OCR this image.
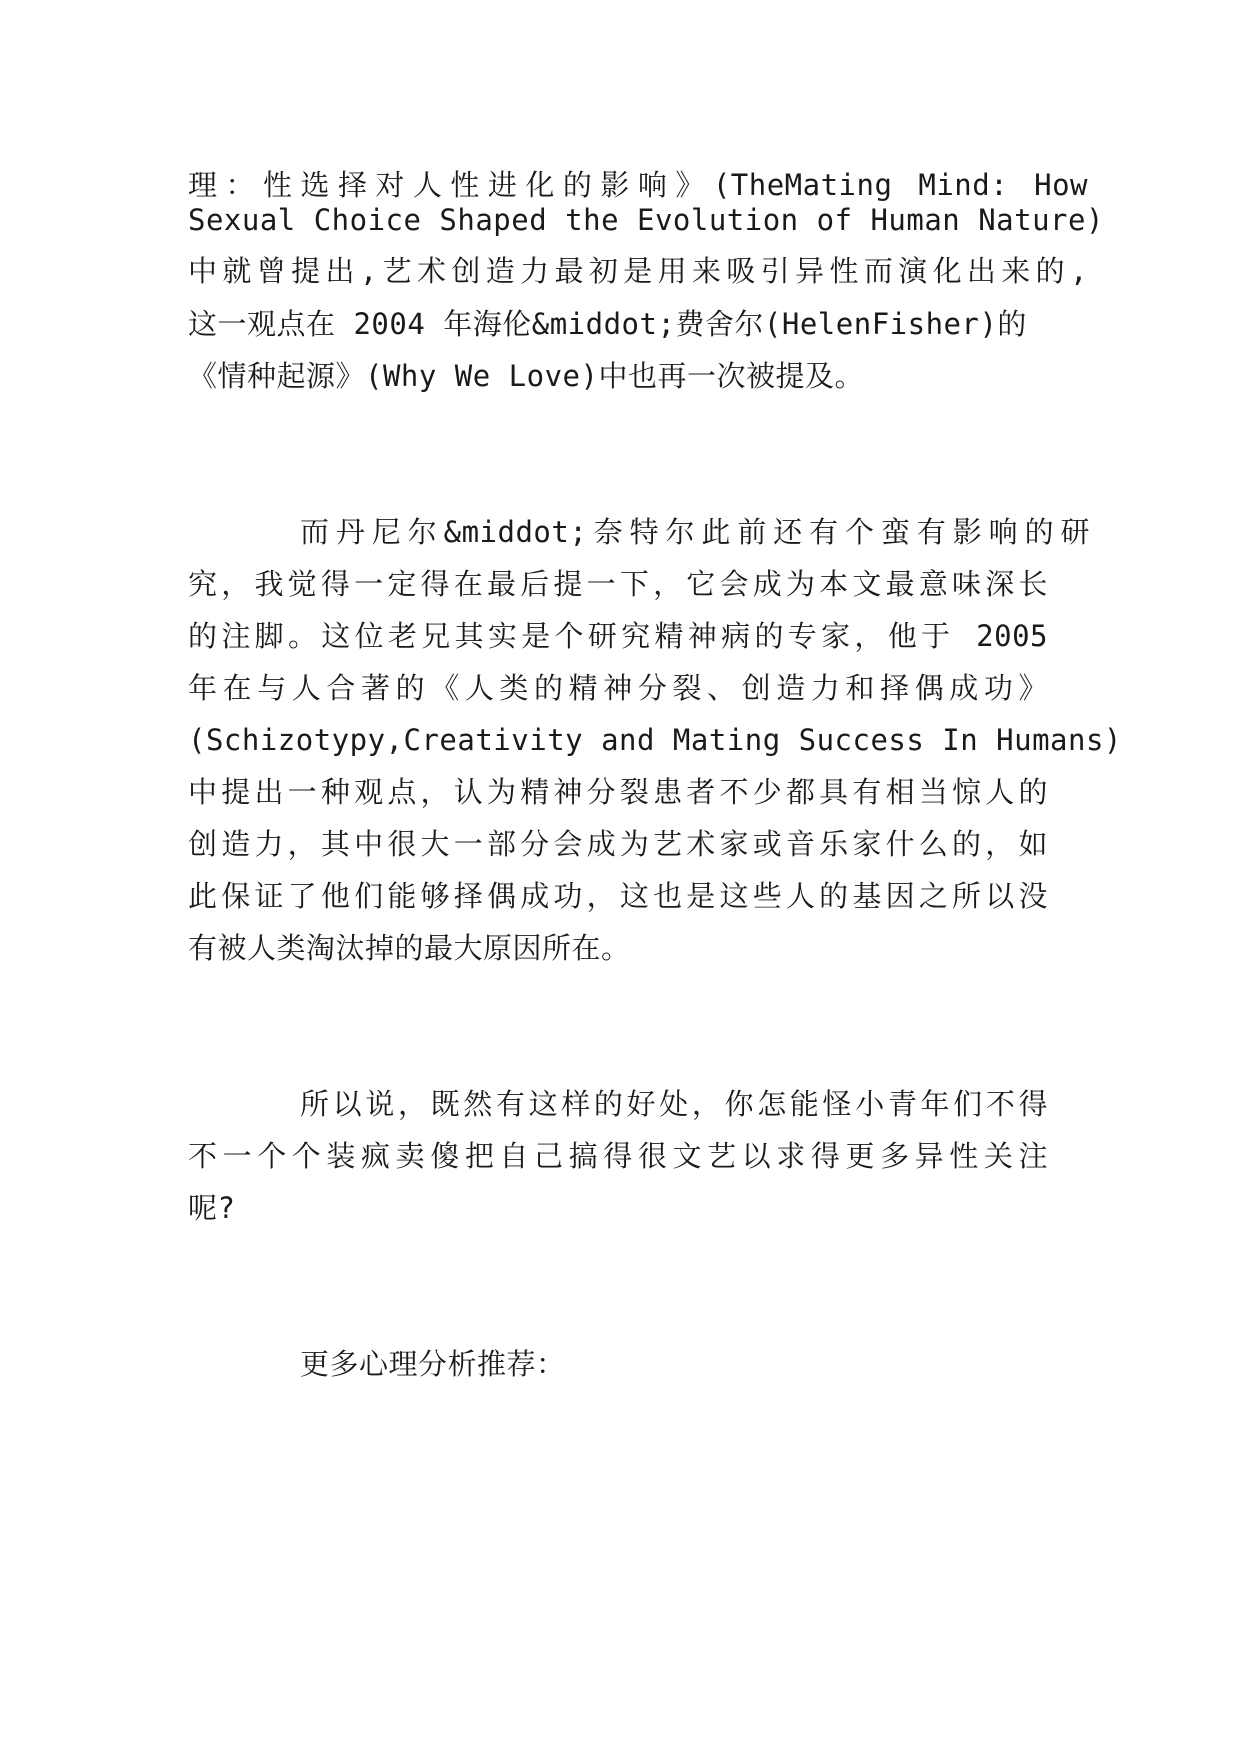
理：性选择对人性进化的影响》(TheMating Mind: How
Sexual Choice Shaped the Evolution of Human Nature)
中就曾提出,艺术创造力最初是用来吸引异性而演化出来的,
这一观点在 2004 年海伦&middot;费舍尔(HelenFisher)的
《情种起源》(Why We Love)中也再一次被提及。
而丹尼尔&middot;奈特尔此前还有个蛮有影响的研
究，我觉得一定得在最后提一下，它会成为本文最意味深长
的注脚。这位老兄其实是个研究精神病的专家，他于 2005
年在与人合著的《人类的精神分裂、创造力和择偶成功》
(Schizotypy,Creativity and Mating Success In Humans)
中提出一种观点，认为精神分裂患者不少都具有相当惊人的
创造力，其中很大一部分会成为艺术家或音乐家什么的，如
此保证了他们能够择偶成功，这也是这些人的基因之所以没
有被人类淘汰掉的最大原因所在。
所以说，既然有这样的好处，你怎能怪小青年们不得
不一个个装疯卖傻把自己搞得很文艺以求得更多异性关注
呢?
更多心理分析推荐：
